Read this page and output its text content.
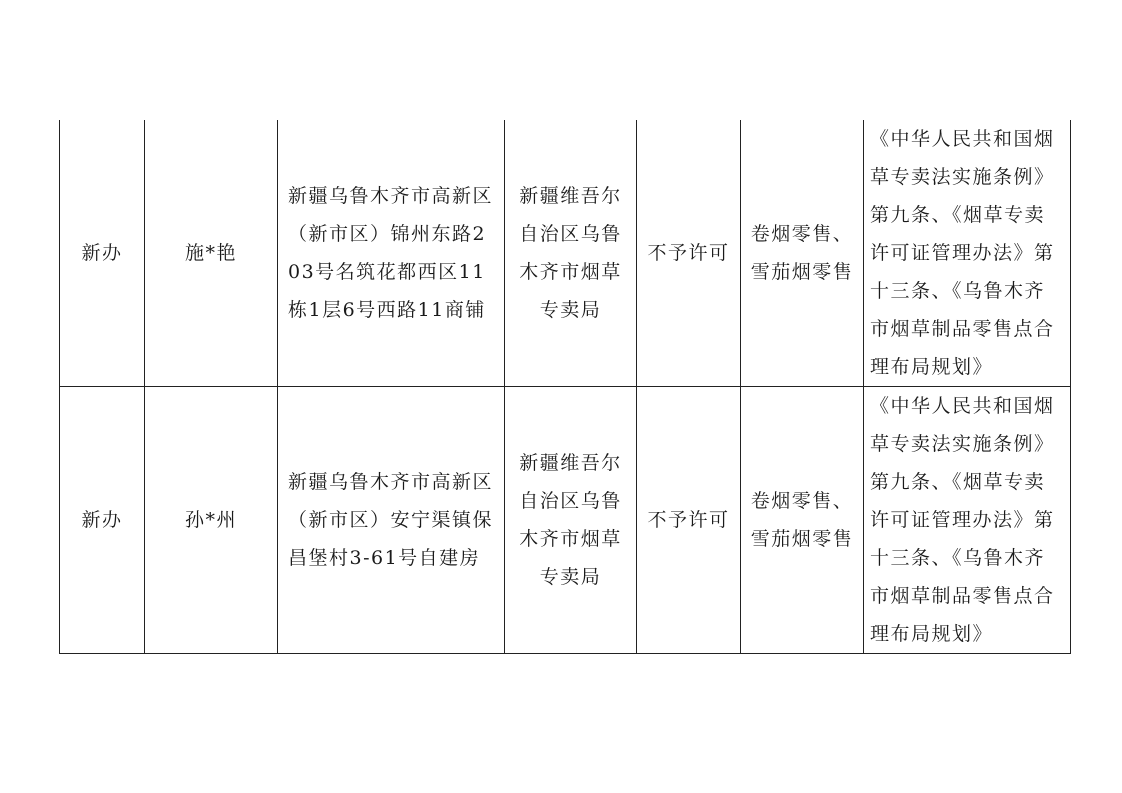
新办	施*艳	新疆乌鲁木齐市高新区（新市区）锦州东路203号名筑花都西区11栋1层6号西路11商铺	新疆维吾尔
自治区乌鲁
木齐市烟草
专卖局	不予许可	卷烟零售、
雪茄烟零售	《中华人民共和国烟草专卖法实施条例》第九条、《烟草专卖许可证管理办法》第十三条、《乌鲁木齐市烟草制品零售点合理布局规划》

新办	孙*州	新疆乌鲁木齐市高新区（新市区）安宁渠镇保昌堡村3-61号自建房	新疆维吾尔
自治区乌鲁
木齐市烟草
专卖局	不予许可	卷烟零售、
雪茄烟零售	《中华人民共和国烟草专卖法实施条例》第九条、《烟草专卖许可证管理办法》第十三条、《乌鲁木齐市烟草制品零售点合理布局规划》
